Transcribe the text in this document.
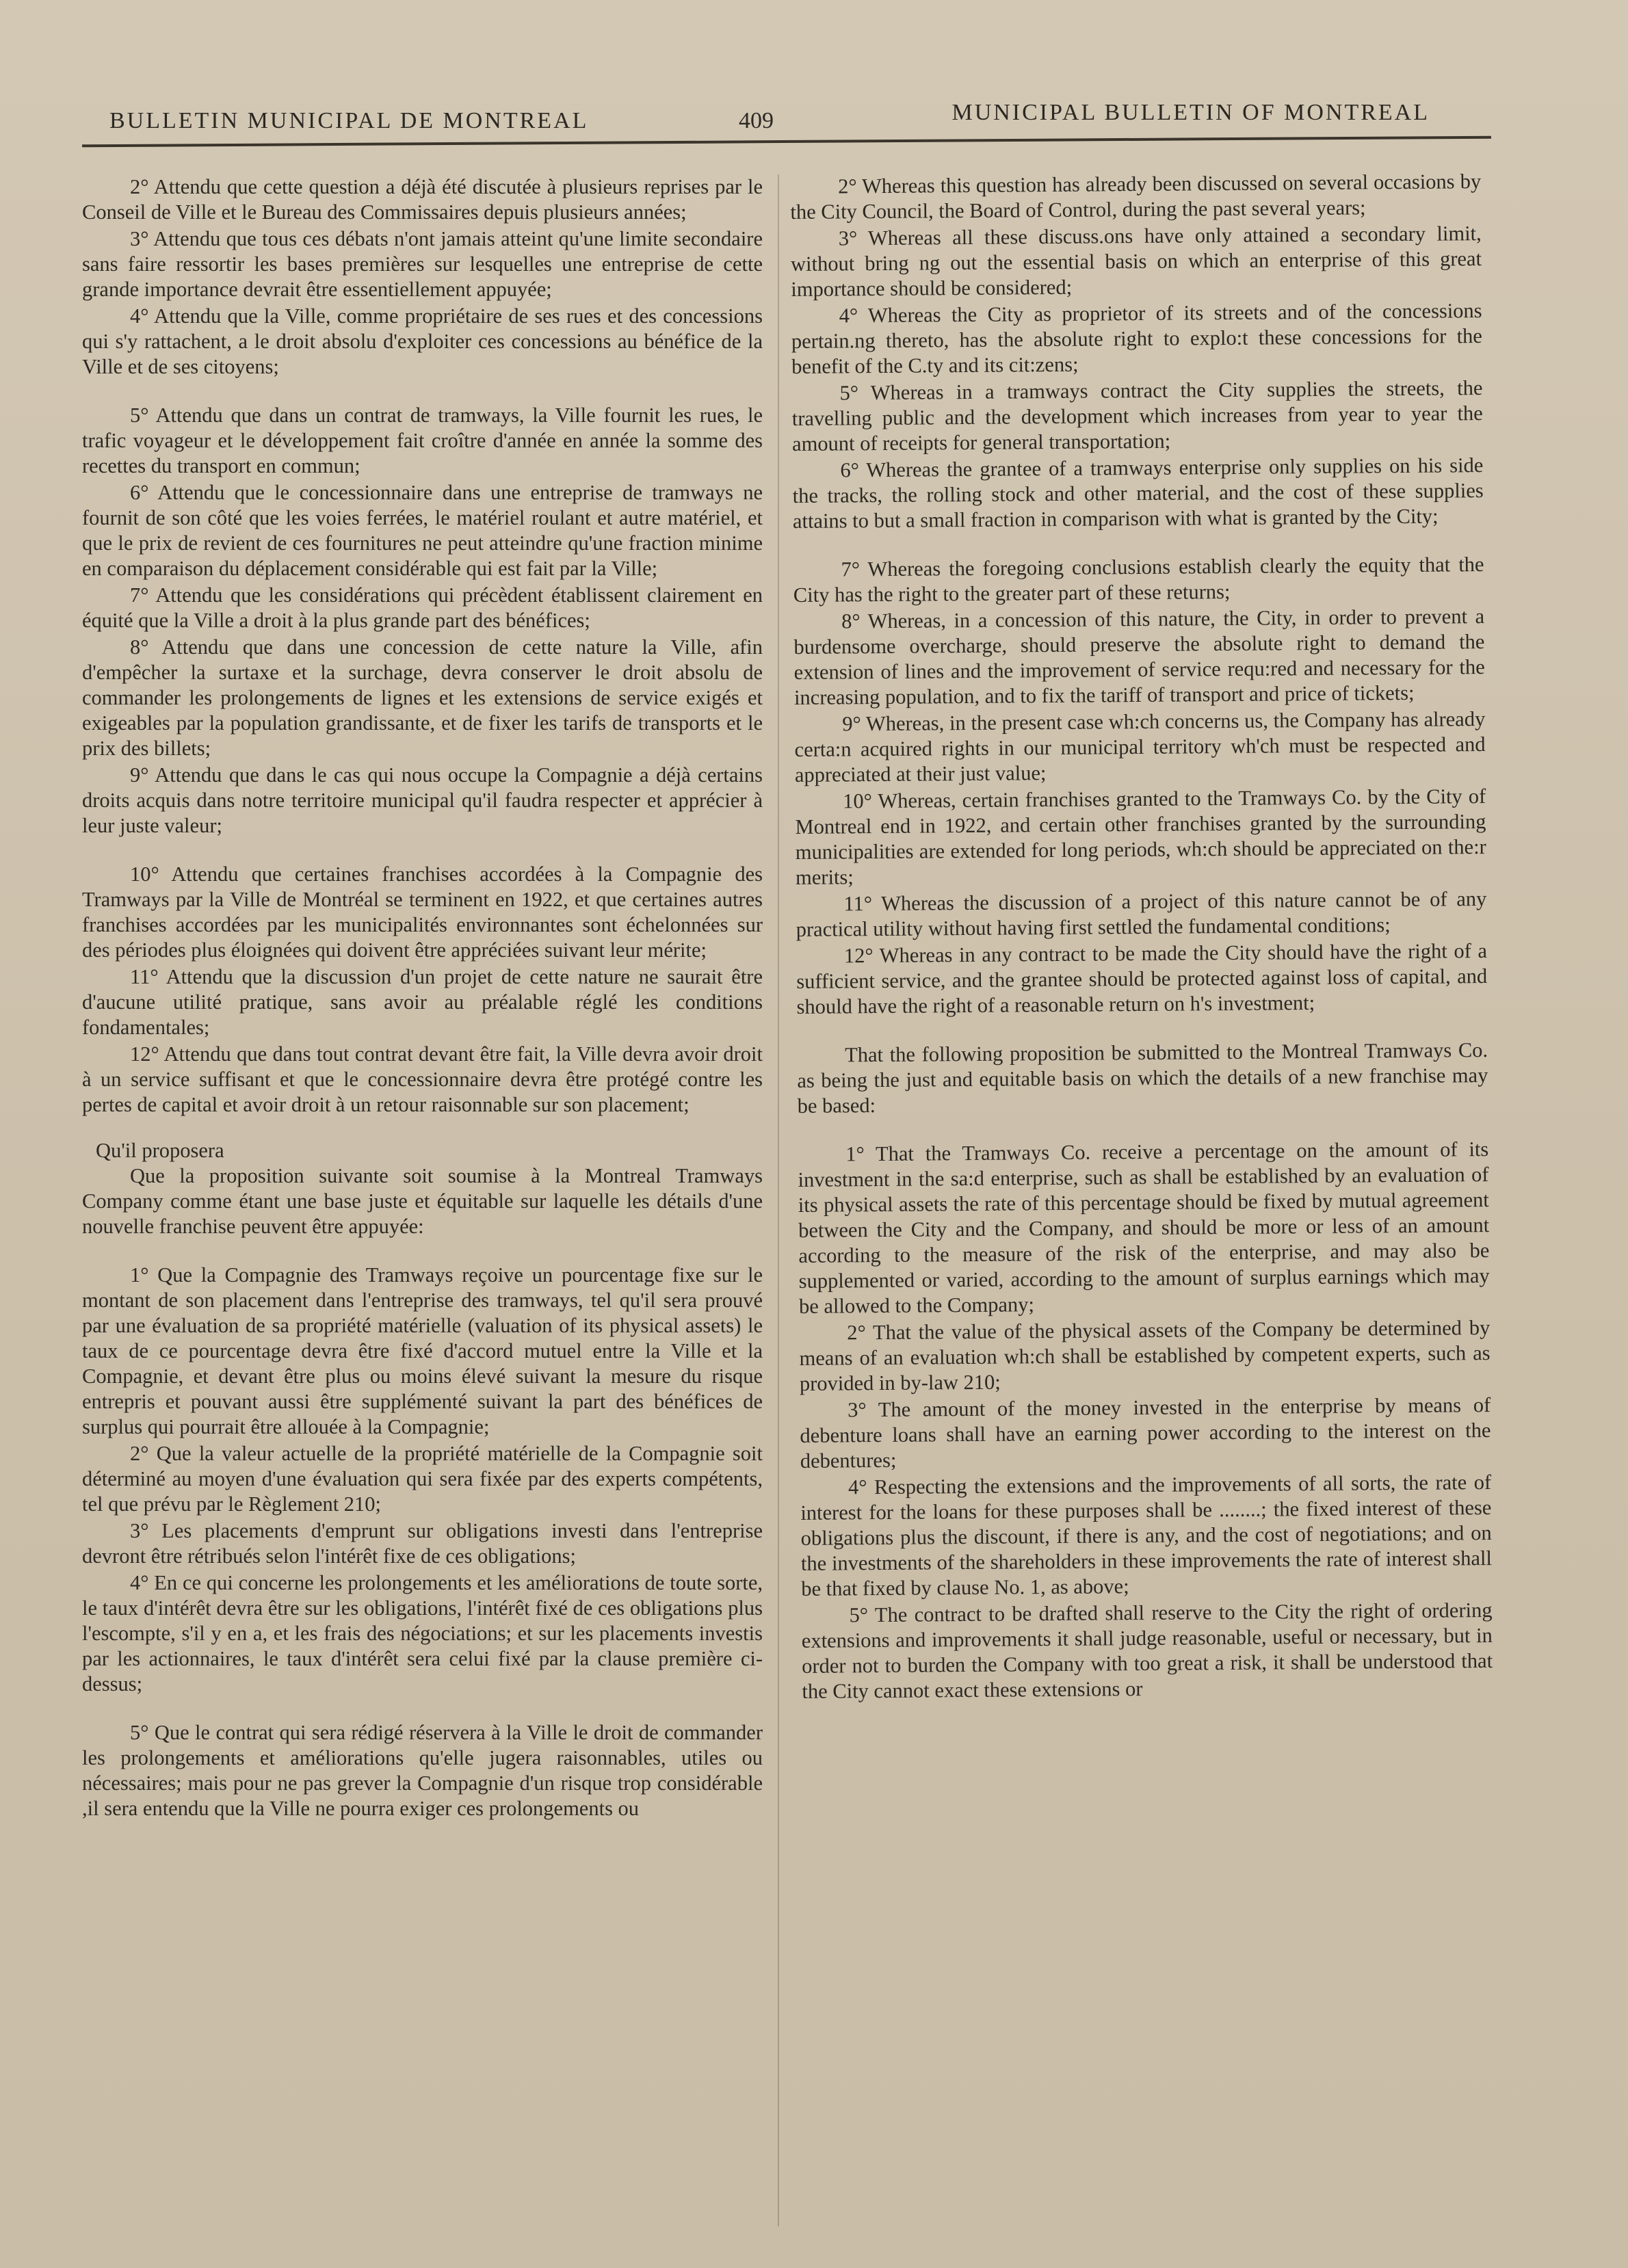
BULLETIN MUNICIPAL DE MONTREAL	409	MUNICIPAL BULLETIN OF MONTREAL

2° Attendu que cette question a déjà été discutée à plusieurs reprises par le Conseil de Ville et le Bureau des Commissaires depuis plusieurs années;

3° Attendu que tous ces débats n'ont jamais atteint qu'une limite secondaire sans faire ressortir les bases premières sur lesquelles une entreprise de cette grande importance devrait être essentiellement appuyée;

4° Attendu que la Ville, comme propriétaire de ses rues et des concessions qui s'y rattachent, a le droit absolu d'exploiter ces concessions au bénéfice de la Ville et de ses citoyens;

5° Attendu que dans un contrat de tramways, la Ville fournit les rues, le trafic voyageur et le développement fait croître d'année en année la somme des recettes du transport en commun;

6° Attendu que le concessionnaire dans une entreprise de tramways ne fournit de son côté que les voies ferrées, le matériel roulant et autre matériel, et que le prix de revient de ces fournitures ne peut atteindre qu'une fraction minime en comparaison du déplacement considérable qui est fait par la Ville;

7° Attendu que les considérations qui précèdent établissent clairement en équité que la Ville a droit à la plus grande part des bénéfices;

8° Attendu que dans une concession de cette nature la Ville, afin d'empêcher la surtaxe et la surchage, devra conserver le droit absolu de commander les prolongements de lignes et les extensions de service exigés et exigeables par la population grandissante, et de fixer les tarifs de transports et le prix des billets;

9° Attendu que dans le cas qui nous occupe la Compagnie a déjà certains droits acquis dans notre territoire municipal qu'il faudra respecter et apprécier à leur juste valeur;

10° Attendu que certaines franchises accordées à la Compagnie des Tramways par la Ville de Montréal se terminent en 1922, et que certaines autres franchises accordées par les municipalités environnantes sont échelonnées sur des périodes plus éloignées qui doivent être appréciées suivant leur mérite;

11° Attendu que la discussion d'un projet de cette nature ne saurait être d'aucune utilité pratique, sans avoir au préalable réglé les conditions fondamentales;

12° Attendu que dans tout contrat devant être fait, la Ville devra avoir droit à un service suffisant et que le concessionnaire devra être protégé contre les pertes de capital et avoir droit à un retour raisonnable sur son placement;

Qu'il proposera

Que la proposition suivante soit soumise à la Montreal Tramways Company comme étant une base juste et équitable sur laquelle les détails d'une nouvelle franchise peuvent être appuyée:

1° Que la Compagnie des Tramways reçoive un pourcentage fixe sur le montant de son placement dans l'entreprise des tramways, tel qu'il sera prouvé par une évaluation de sa propriété matérielle (valuation of its physical assets) le taux de ce pourcentage devra être fixé d'accord mutuel entre la Ville et la Compagnie, et devant être plus ou moins élevé suivant la mesure du risque entrepris et pouvant aussi être supplémenté suivant la part des bénéfices de surplus qui pourrait être allouée à la Compagnie;

2° Que la valeur actuelle de la propriété matérielle de la Compagnie soit déterminé au moyen d'une évaluation qui sera fixée par des experts compétents, tel que prévu par le Règlement 210;

3° Les placements d'emprunt sur obligations investi dans l'entreprise devront être rétribués selon l'intérêt fixe de ces obligations;

4° En ce qui concerne les prolongements et les améliorations de toute sorte, le taux d'intérêt devra être sur les obligations, l'intérêt fixé de ces obligations plus l'escompte, s'il y en a, et les frais des négociations; et sur les placements investis par les actionnaires, le taux d'intérêt sera celui fixé par la clause première ci-dessus;

5° Que le contrat qui sera rédigé réservera à la Ville le droit de commander les prolongements et améliorations qu'elle jugera raisonnables, utiles ou nécessaires; mais pour ne pas grever la Compagnie d'un risque trop considérable ,il sera entendu que la Ville ne pourra exiger ces prolongements ou

2° Whereas this question has already been discussed on several occasions by the City Council, the Board of Control, during the past several years;

3° Whereas all these discuss.ons have only attained a secondary limit, without bring ng out the essential basis on which an enterprise of this great importance should be considered;

4° Whereas the City as proprietor of its streets and of the concessions pertain.ng thereto, has the absolute right to explo:t these concessions for the benefit of the C.ty and its cit:zens;

5° Whereas in a tramways contract the City supplies the streets, the travelling public and the development which increases from year to year the amount of receipts for general transportation;

6° Whereas the grantee of a tramways enterprise only supplies on his side the tracks, the rolling stock and other material, and the cost of these supplies attains to but a small fraction in comparison with what is granted by the City;

7° Whereas the foregoing conclusions establish clearly the equity that the City has the right to the greater part of these returns;

8° Whereas, in a concession of this nature, the City, in order to prevent a burdensome overcharge, should preserve the absolute right to demand the extension of lines and the improvement of service requ:red and necessary for the increasing population, and to fix the tariff of transport and price of tickets;

9° Whereas, in the present case wh:ch concerns us, the Company has already certa:n acquired rights in our municipal territory wh'ch must be respected and appreciated at their just value;

10° Whereas, certain franchises granted to the Tramways Co. by the City of Montreal end in 1922, and certain other franchises granted by the surrounding municipalities are extended for long periods, wh:ch should be appreciated on the:r merits;

11° Whereas the discussion of a project of this nature cannot be of any practical utility without having first settled the fundamental conditions;

12° Whereas in any contract to be made the City should have the right of a sufficient service, and the grantee should be protected against loss of capital, and should have the right of a reasonable return on h's investment;

That the following proposition be submitted to the Montreal Tramways Co. as being the just and equitable basis on which the details of a new franchise may be based:

1° That the Tramways Co. receive a percentage on the amount of its investment in the sa:d enterprise, such as shall be established by an evaluation of its physical assets the rate of this percentage should be fixed by mutual agreement between the City and the Company, and should be more or less of an amount according to the measure of the risk of the enterprise, and may also be supplemented or varied, according to the amount of surplus earnings which may be allowed to the Company;

2° That the value of the physical assets of the Company be determined by means of an evaluation wh:ch shall be established by competent experts, such as provided in by-law 210;

3° The amount of the money invested in the enterprise by means of debenture loans shall have an earning power according to the interest on the debentures;

4° Respecting the extensions and the improvements of all sorts, the rate of interest for the loans for these purposes shall be ........; the fixed interest of these obligations plus the discount, if there is any, and the cost of negotiations; and on the investments of the shareholders in these improvements the rate of interest shall be that fixed by clause No. 1, as above;

5° The contract to be drafted shall reserve to the City the right of ordering extensions and improvements it shall judge reasonable, useful or necessary, but in order not to burden the Company with too great a risk, it shall be understood that the City cannot exact these extensions or
